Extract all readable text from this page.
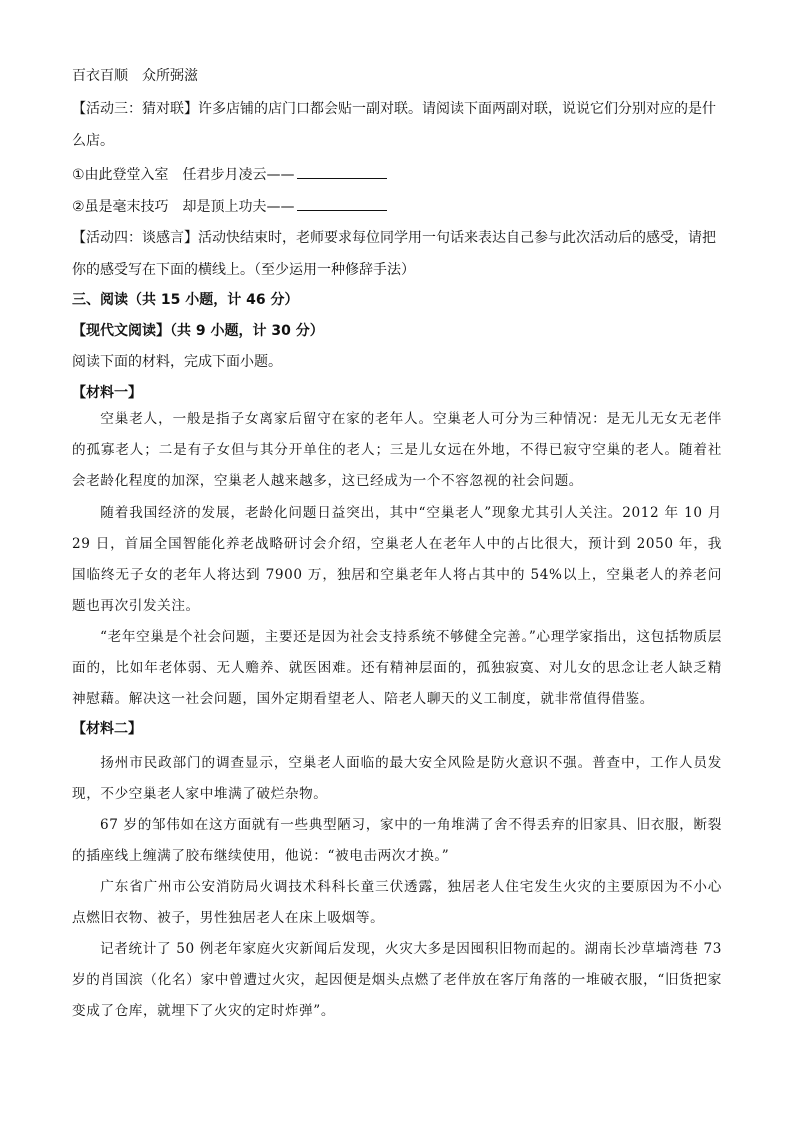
百衣百顺　众所弼滋
【活动三：猜对联】许多店铺的店门口都会贴一副对联。请阅读下面两副对联，说说它们分别对应的是什
么店。
①由此登堂入室　任君步月凌云——
②虽是毫末技巧　却是顶上功夫——
【活动四：谈感言】活动快结束时，老师要求每位同学用一句话来表达自己参与此次活动后的感受，请把
你的感受写在下面的横线上。（至少运用一种修辞手法）
三、阅读（共 15 小题，计 46 分）
【现代文阅读】（共 9 小题，计 30 分）
阅读下面的材料，完成下面小题。
【材料一】
空巢老人，一般是指子女离家后留守在家的老年人。空巢老人可分为三种情况：是无儿无女无老伴的孤寡老人；二是有子女但与其分开单住的老人；三是儿女远在外地，不得已寂守空巢的老人。随着社会老龄化程度的加深，空巢老人越来越多，这已经成为一个不容忽视的社会问题。
随着我国经济的发展，老龄化问题日益突出，其中“空巢老人”现象尤其引人关注。2012 年 10 月 29 日，首届全国智能化养老战略研讨会介绍，空巢老人在老年人中的占比很大，预计到 2050 年，我国临终无子女的老年人将达到 7900 万，独居和空巢老年人将占其中的 54%以上，空巢老人的养老问题也再次引发关注。
“老年空巢是个社会问题，主要还是因为社会支持系统不够健全完善。”心理学家指出，这包括物质层面的，比如年老体弱、无人赡养、就医困难。还有精神层面的，孤独寂寞、对儿女的思念让老人缺乏精神慰藉。解决这一社会问题，国外定期看望老人、陪老人聊天的义工制度，就非常值得借鉴。
【材料二】
扬州市民政部门的调查显示，空巢老人面临的最大安全风险是防火意识不强。普查中，工作人员发现，不少空巢老人家中堆满了破烂杂物。
67 岁的邹伟如在这方面就有一些典型陋习，家中的一角堆满了舍不得丢弃的旧家具、旧衣服，断裂的插座线上缠满了胶布继续使用，他说：“被电击两次才换。”
广东省广州市公安消防局火调技术科科长童三伏透露，独居老人住宅发生火灾的主要原因为不小心点燃旧衣物、被子，男性独居老人在床上吸烟等。
记者统计了 50 例老年家庭火灾新闻后发现，火灾大多是因囤积旧物而起的。湖南长沙草墙湾巷 73 岁的肖国滨（化名）家中曾遭过火灾，起因便是烟头点燃了老伴放在客厅角落的一堆破衣服，“旧货把家变成了仓库，就埋下了火灾的定时炸弹”。
